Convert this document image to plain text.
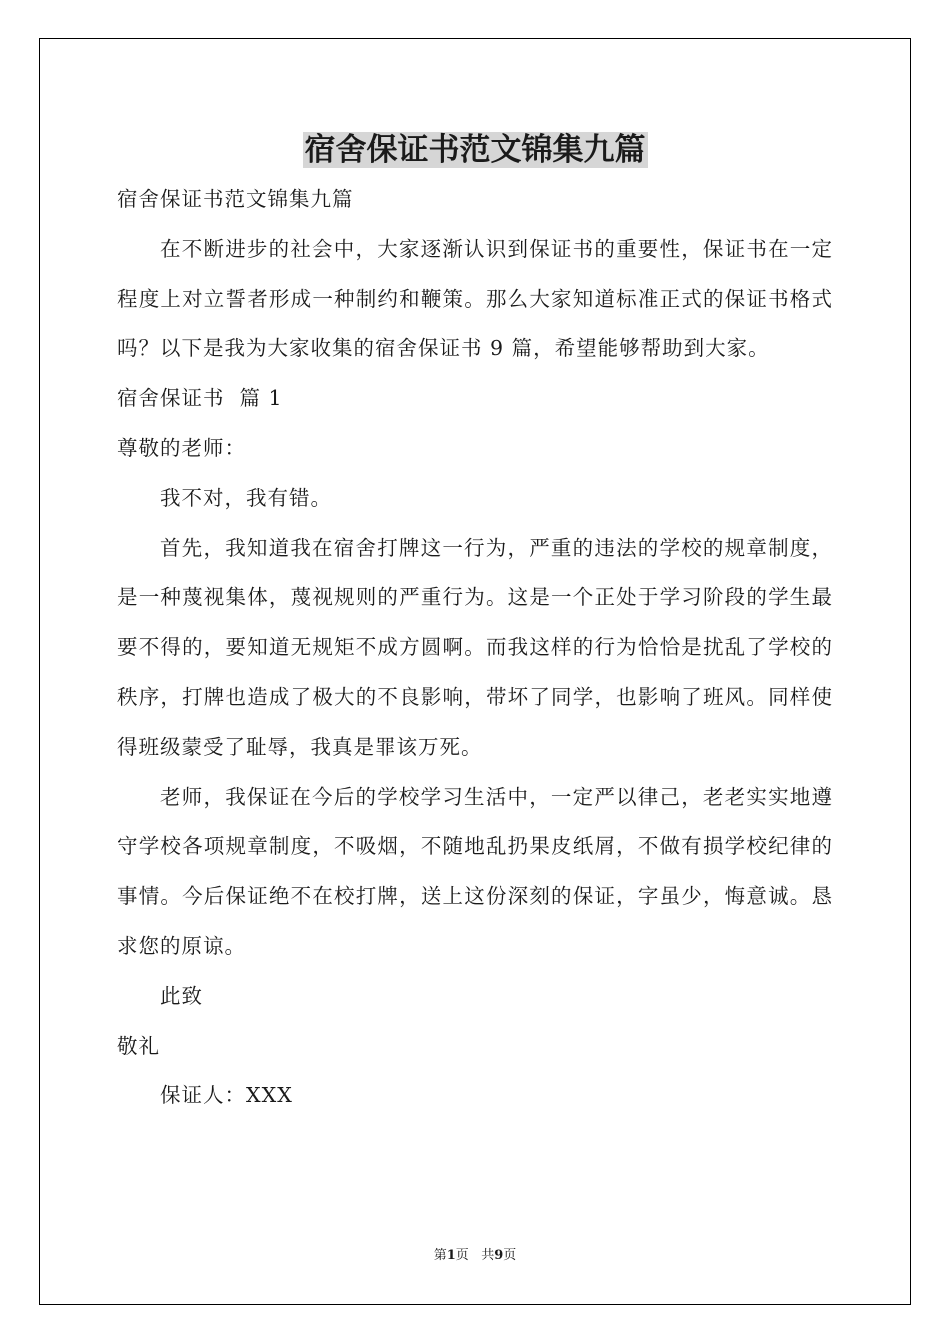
宿舍保证书范文锦集九篇

宿舍保证书范文锦集九篇

在不断进步的社会中，大家逐渐认识到保证书的重要性，保证书在一定程度上对立誓者形成一种制约和鞭策。那么大家知道标准正式的保证书格式吗？以下是我为大家收集的宿舍保证书 9 篇，希望能够帮助到大家。

宿舍保证书  篇 1

尊敬的老师：

我不对，我有错。

首先，我知道我在宿舍打牌这一行为，严重的违法的学校的规章制度，是一种蔑视集体，蔑视规则的严重行为。这是一个正处于学习阶段的学生最要不得的，要知道无规矩不成方圆啊。而我这样的行为恰恰是扰乱了学校的秩序，打牌也造成了极大的不良影响，带坏了同学，也影响了班风。同样使得班级蒙受了耻辱，我真是罪该万死。

老师，我保证在今后的学校学习生活中，一定严以律己，老老实实地遵守学校各项规章制度，不吸烟，不随地乱扔果皮纸屑，不做有损学校纪律的事情。今后保证绝不在校打牌，送上这份深刻的保证，字虽少，悔意诚。恳求您的原谅。

此致

敬礼

保证人：XXX

第1页 共9页
